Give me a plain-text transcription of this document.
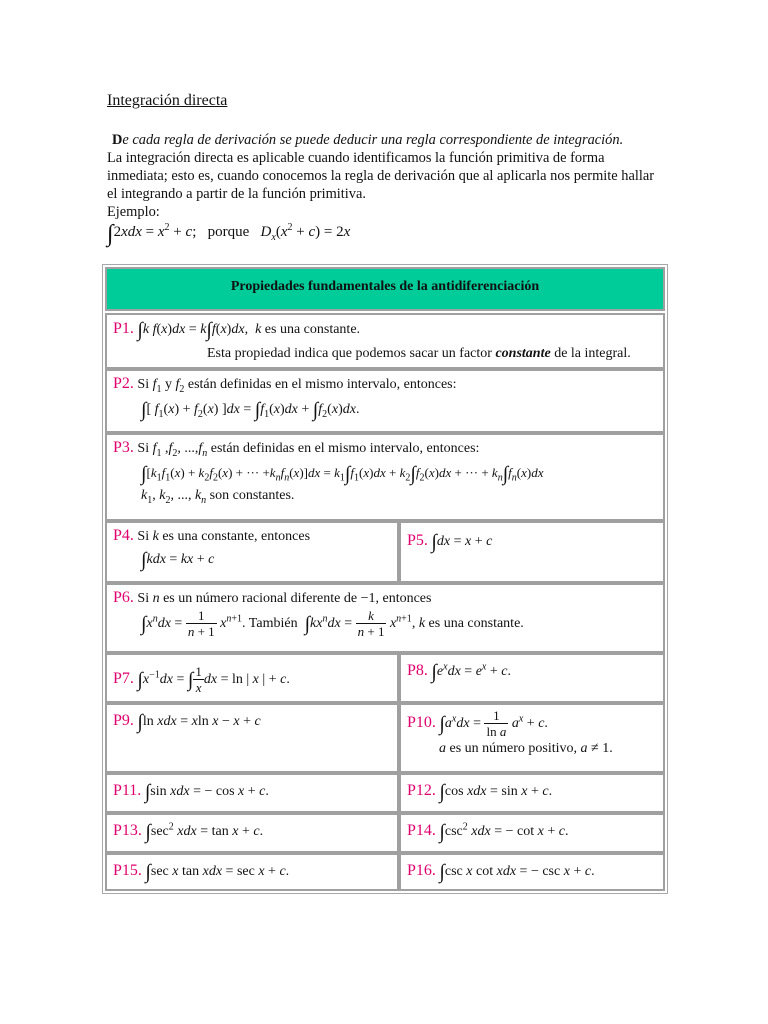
Integración directa
De cada regla de derivación se puede deducir una regla correspondiente de integración.
La integración directa es aplicable cuando identificamos la función primitiva de forma inmediata; esto es, cuando conocemos la regla de derivación que al aplicarla nos permite hallar el integrando a partir de la función primitiva.
Ejemplo:
$\int 2xdx = x^2 + c$;   porque $D_x(x^2 + c) = 2x$
Propiedades fundamentales de la antidiferenciación
P1. ∫k f(x)dx = k∫f(x)dx,  k es una constante.
Esta propiedad indica que podemos sacar un factor constante de la integral.
P2. Si $f_1$ y $f_2$ están definidas en el mismo intervalo, entonces:
∫[ $f_1(x) + f_2(x) ]dx = \int f_1(x)dx + \int f_2(x)dx$.
P3. Si $f_1$ $,f_2$, $...,f_n$ están definidas en el mismo intervalo, entonces:
$\int[k_1f_1(x) + k_2f_2(x)$ + ··· $+k_nf_n(x)]dx = k_1\int f_1(x)dx + k_2\int f_2(x)dx$ + ··· + $k_n\int f_n(x)dx$
$k_1$, $k_2$, ..., $k_n$ son constantes.
P4. Si k es una constante, entonces
∫kdx = kx + c
P5. ∫dx = x + c
P6. Si n es un número racional diferente de −1, entonces
$\int x^ndx = \frac{1}{n + 1} x^{n+1}$. También $\int kx^ndx = \frac{k}{n + 1} x^{n+1}$, k es una constante.
P7. $\int x^{-1}dx$ = ∫ $\frac{1}{x}$ dx = ln | x | + c.
P8. $\int e^xdx = e^x + c$.
P9. ∫ln xdx = xln x − x + c	P10. $\int a^xdx = \frac{1}{\text{ln a}} a^x + c$.
a es un número positivo, a ≠ 1.
P11. ∫sin xdx = − cos x + c.	P12. ∫cos xdx = sin x + c.
P13. $\int\sec^2$ xdx = tan x + c.	P14. $\int\csc^2$ xdx = − cot x + c.
P15. ∫sec x tan xdx = sec x + c.	P16. ∫csc x cot xdx = − csc x + c.
